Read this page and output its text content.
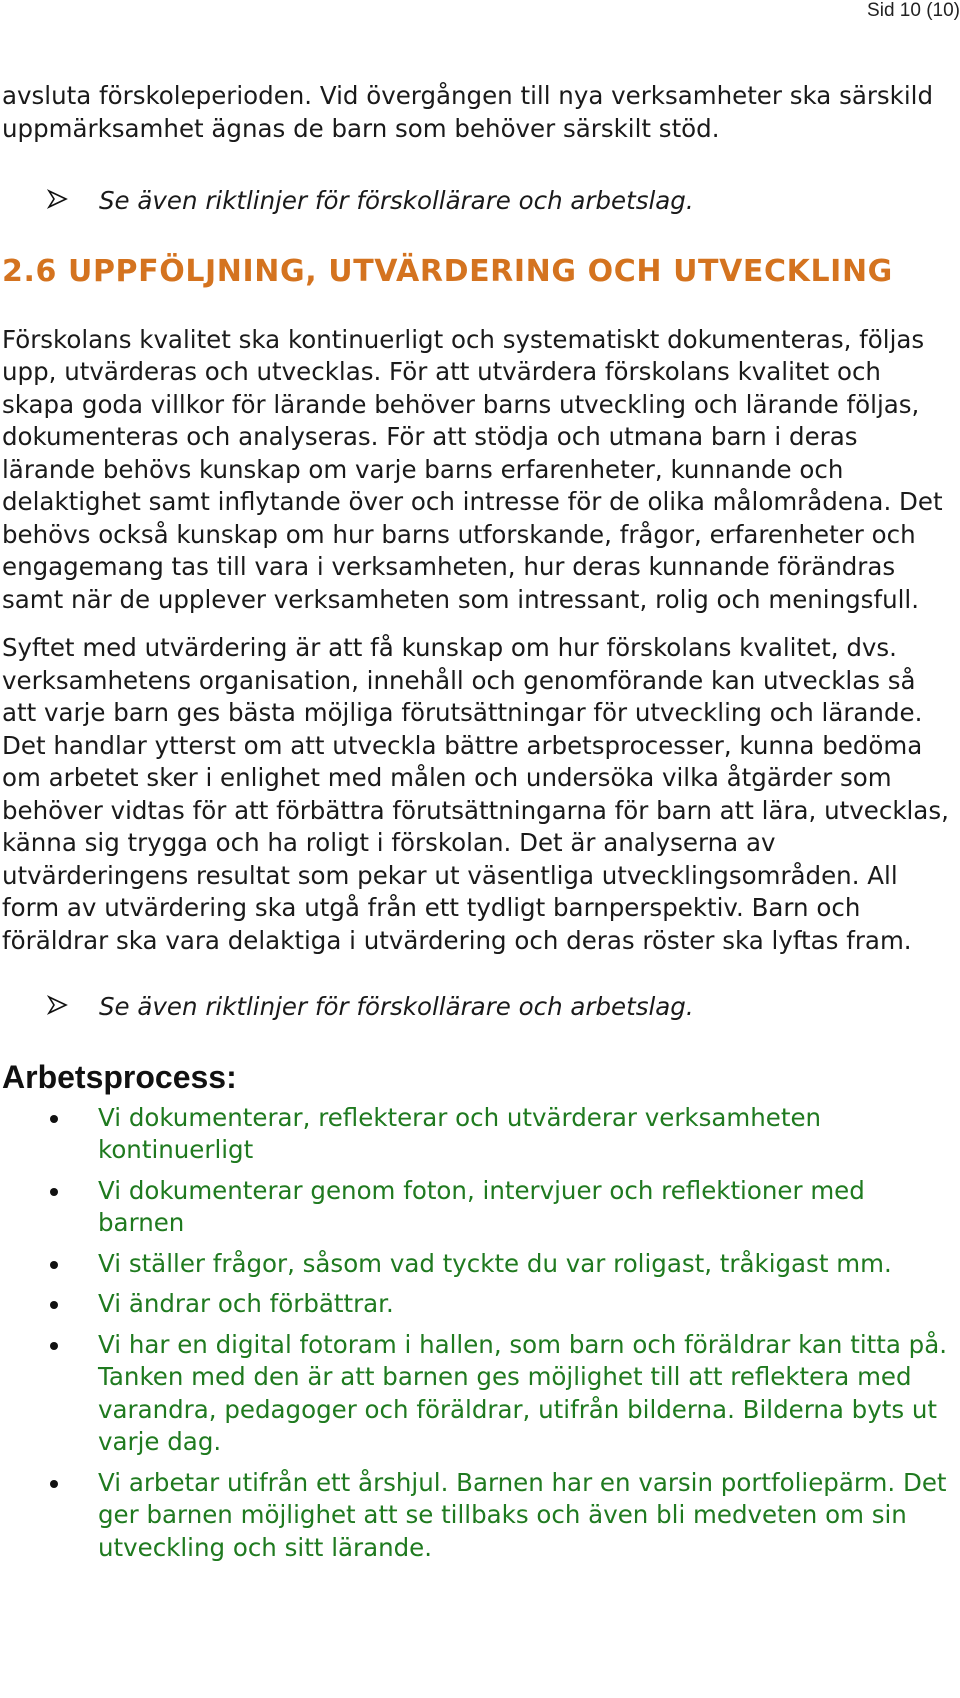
Sid 10 (10)

avsluta förskoleperioden. Vid övergången till nya verksamheter ska särskild uppmärksamhet ägnas de barn som behöver särskilt stöd.

Se även riktlinjer för förskollärare och arbetslag.
2.6 UPPFÖLJNING, UTVÄRDERING OCH UTVECKLING

Förskolans kvalitet ska kontinuerligt och systematiskt dokumenteras, följas upp, utvärderas och utvecklas. För att utvärdera förskolans kvalitet och skapa goda villkor för lärande behöver barns utveckling och lärande följas, dokumenteras och analyseras. För att stödja och utmana barn i deras lärande behövs kunskap om varje barns erfarenheter, kunnande och delaktighet samt inflytande över och intresse för de olika målområdena. Det behövs också kunskap om hur barns utforskande, frågor, erfarenheter och engagemang tas till vara i verksamheten, hur deras kunnande förändras samt när de upplever verksamheten som intressant, rolig och meningsfull.

Syftet med utvärdering är att få kunskap om hur förskolans kvalitet, dvs. verksamhetens organisation, innehåll och genomförande kan utvecklas så att varje barn ges bästa möjliga förutsättningar för utveckling och lärande. Det handlar ytterst om att utveckla bättre arbetsprocesser, kunna bedöma om arbetet sker i enlighet med målen och undersöka vilka åtgärder som behöver vidtas för att förbättra förutsättningarna för barn att lära, utvecklas, känna sig trygga och ha roligt i förskolan. Det är analyserna av utvärderingens resultat som pekar ut väsentliga utvecklingsområden. All form av utvärdering ska utgå från ett tydligt barnperspektiv. Barn och föräldrar ska vara delaktiga i utvärdering och deras röster ska lyftas fram.

Se även riktlinjer för förskollärare och arbetslag.
Arbetsprocess:
Vi dokumenterar, reflekterar och utvärderar verksamheten kontinuerligt
Vi dokumenterar genom foton, intervjuer och reflektioner med barnen
Vi ställer frågor, såsom vad tyckte du var roligast, tråkigast mm.
Vi ändrar och förbättrar.
Vi har en digital fotoram i hallen, som barn och föräldrar kan titta på. Tanken med den är att barnen ges möjlighet till att reflektera med varandra, pedagoger och föräldrar, utifrån bilderna. Bilderna byts ut varje dag.
Vi arbetar utifrån ett årshjul. Barnen har en varsin portfoliepärm. Det ger barnen möjlighet att se tillbaks och även bli medveten om sin utveckling och sitt lärande.
